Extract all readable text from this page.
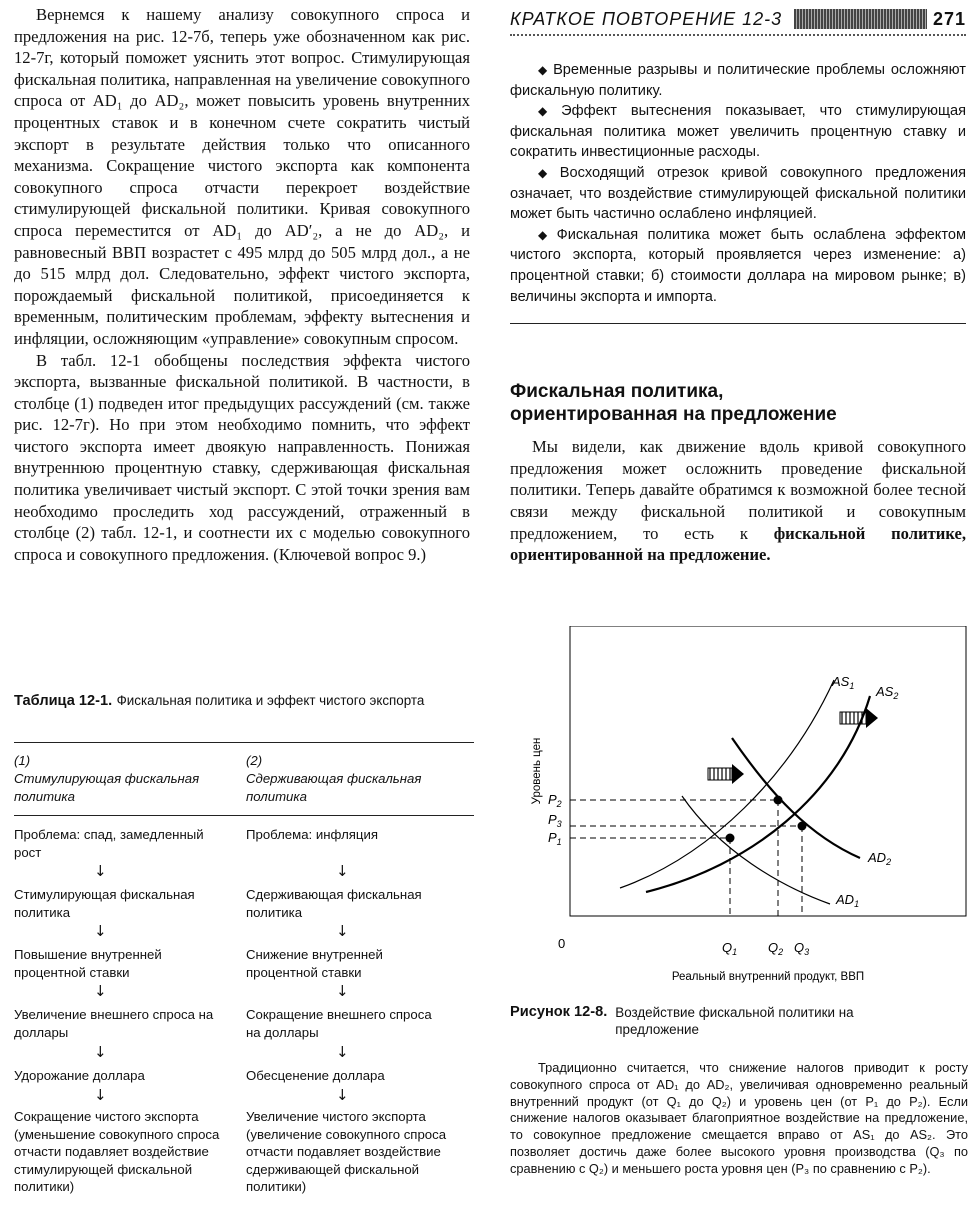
Вернемся к нашему анализу совокупного спроса и предложения на рис. 12-7б, теперь уже обозначенном как рис. 12-7г, который поможет уяснить этот вопрос. Стимулирующая фискальная политика, направленная на увеличение совокупного спроса от AD₁ до AD₂, может повысить уровень внутренних процентных ставок и в конечном счете сократить чистый экспорт в результате действия только что описанного механизма. Сокращение чистого экспорта как компонента совокупного спроса отчасти перекроет воздействие стимулирующей фискальной политики. Кривая совокупного спроса переместится от AD₁ до AD′₂, а не до AD₂, и равновесный ВВП возрастет с 495 млрд до 505 млрд дол., а не до 515 млрд дол. Следовательно, эффект чистого экспорта, порождаемый фискальной политикой, присоединяется к временным, политическим проблемам, эффекту вытеснения и инфляции, осложняющим «управление» совокупным спросом.

В табл. 12-1 обобщены последствия эффекта чистого экспорта, вызванные фискальной политикой. В частности, в столбце (1) подведен итог предыдущих рассуждений (см. также рис. 12-7г). Но при этом необходимо помнить, что эффект чистого экспорта имеет двоякую направленность. Понижая внутреннюю процентную ставку, сдерживающая фискальная политика увеличивает чистый экспорт. С этой точки зрения вам необходимо проследить ход рассуждений, отраженный в столбце (2) табл. 12-1, и соотнести их с моделью совокупного спроса и совокупного предложения. (Ключевой вопрос 9.)

Таблица 12-1. Фискальная политика и эффект чистого экспорта
(1)
Стимулирующая фискальная политика
(2)
Сдерживающая фискальная политика
Проблема: спад, замедленный рост
↓
Стимулирующая фискальная политика
↓
Повышение внутренней процентной ставки
↓
Увеличение внешнего спроса на доллары
↓
Удорожание доллара
↓
Сокращение чистого экспорта (уменьшение совокупного спроса отчасти подавляет воздействие стимулирующей фискальной политики)
Проблема: инфляция
↓
Сдерживающая фискальная политика
↓
Снижение внутренней процентной ставки
↓
Сокращение внешнего спроса на доллары
↓
Обесценение доллара
↓
Увеличение чистого экспорта (увеличение совокупного спроса отчасти подавляет воздействие сдерживающей фискальной политики)
КРАТКОЕ ПОВТОРЕНИЕ 12-3	271

◆ Временные разрывы и политические проблемы осложняют фискальную политику.

◆ Эффект вытеснения показывает, что стимулирующая фискальная политика может увеличить процентную ставку и сократить инвестиционные расходы.

◆ Восходящий отрезок кривой совокупного предложения означает, что воздействие стимулирующей фискальной политики может быть частично ослаблено инфляцией.

◆ Фискальная политика может быть ослаблена эффектом чистого экспорта, который проявляется через изменение: а) процентной ставки; б) стоимости доллара на мировом рынке; в) величины экспорта и импорта.

Фискальная политика,
ориентированная на предложение

Мы видели, как движение вдоль кривой совокупного предложения может осложнить проведение фискальной политики. Теперь давайте обратимся к возможной более тесной связи между фискальной политикой и совокупным предложением, то есть к фискальной политике, ориентированной на предложение.

Уровень цен
$AS_1$ $AS_2$
$AD_2$
$AD_1$
$P_2$
$P_3$
$P_1$
0	$Q_1$ $Q_2$ $Q_3$
Реальный внутренний продукт, ВВП
Рисунок 12-8. Воздействие фискальной политики на предложение

Традиционно считается, что снижение налогов приводит к росту совокупного спроса от AD₁ до AD₂, увеличивая одновременно реальный внутренний продукт (от Q₁ до Q₂) и уровень цен (от P₁ до P₂). Если снижение налогов оказывает благоприятное воздействие на предложение, то совокупное предложение смещается вправо от AS₁ до AS₂. Это позволяет достичь даже более высокого уровня производства (Q₃ по сравнению с Q₂) и меньшего роста уровня цен (P₃ по сравнению с P₂).
